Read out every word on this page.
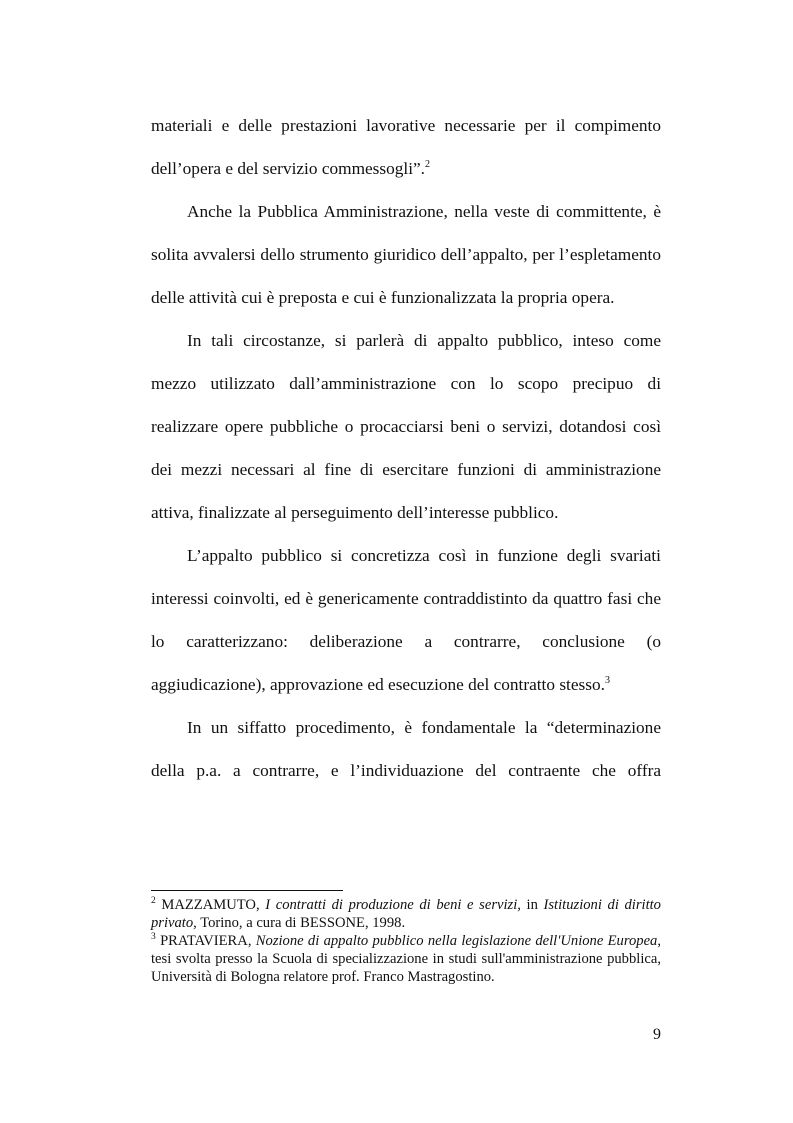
materiali e delle prestazioni lavorative necessarie per il compimento dell’opera e del servizio commessogli”.$^2$

Anche la Pubblica Amministrazione, nella veste di committente, è solita avvalersi dello strumento giuridico dell’appalto, per l’espletamento delle attività cui è preposta e cui è funzionalizzata la propria opera.

In tali circostanze, si parlerà di appalto pubblico, inteso come mezzo utilizzato dall’amministrazione con lo scopo precipuo di realizzare opere pubbliche o procacciarsi beni o servizi, dotandosi così dei mezzi necessari al fine di esercitare funzioni di amministrazione attiva, finalizzate al perseguimento dell’interesse pubblico.

L’appalto pubblico si concretizza così in funzione degli svariati interessi coinvolti, ed è genericamente contraddistinto da quattro fasi che lo caratterizzano: deliberazione a contrarre, conclusione (o aggiudicazione), approvazione ed esecuzione del contratto stesso.$^3$

In un siffatto procedimento, è fondamentale la “determinazione della p.a. a contrarre, e l’individuazione del contraente che offra

$^2$ MAZZAMUTO, I contratti di produzione di beni e servizi, in Istituzioni di diritto privato, Torino, a cura di BESSONE, 1998.

$^3$ PRATAVIERA, Nozione di appalto pubblico nella legislazione dell'Unione Europea, tesi svolta presso la Scuola di specializzazione in studi sull'amministrazione pubblica, Università di Bologna relatore prof. Franco Mastragostino.

9
